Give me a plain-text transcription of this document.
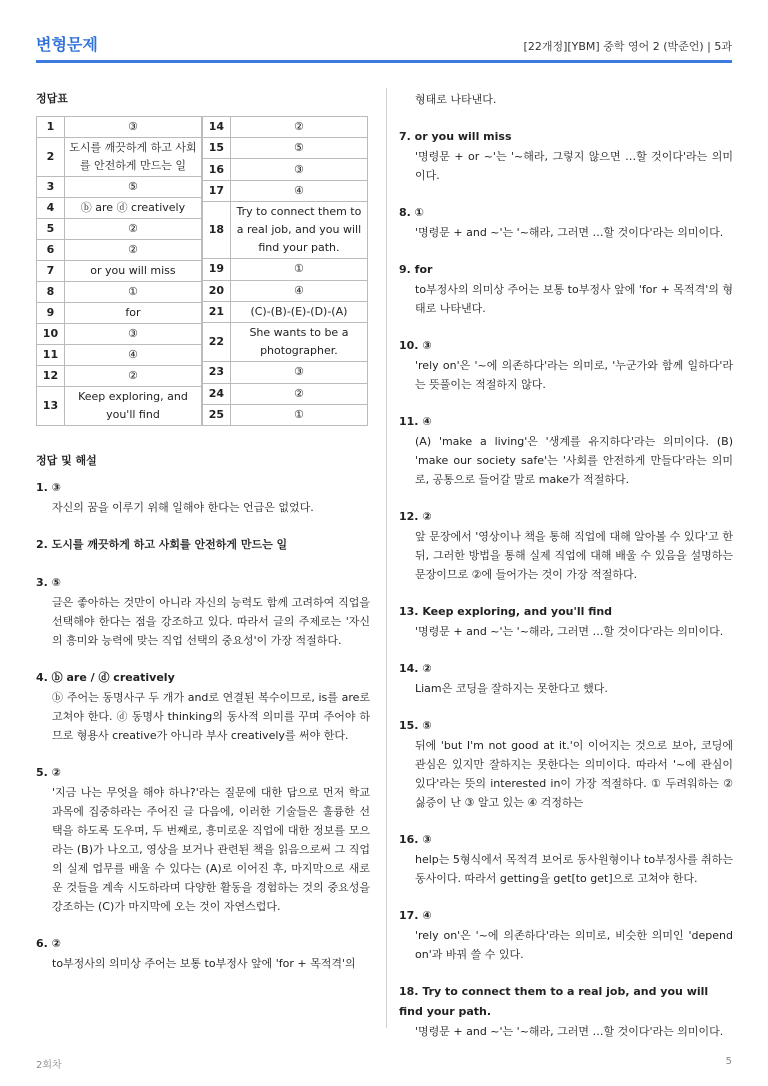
변형문제	[22개정][YBM] 중학 영어 2 (박준언) | 5과
정답표
1	③
2	도시를 깨끗하게 하고 사회를 안전하게 만드는 일
3	⑤
4	ⓑ are ⓓ creatively
5	②
6	②
7	or you will miss
8	①
9	for
10	③
11	④
12	②
13	Keep exploring, and you'll find
14	②
15	⑤
16	③
17	④
18	Try to connect them to a real job, and you will find your path.
19	①
20	④
21	(C)-(B)-(E)-(D)-(A)
22	She wants to be a photographer.
23	③
24	②
25	①
정답 및 해설
1. ③
자신의 꿈을 이루기 위해 일해야 한다는 언급은 없었다.
2. 도시를 깨끗하게 하고 사회를 안전하게 만드는 일
3. ⑤
글은 좋아하는 것만이 아니라 자신의 능력도 함께 고려하여 직업을 선택해야 한다는 점을 강조하고 있다. 따라서 글의 주제로는 '자신의 흥미와 능력에 맞는 직업 선택의 중요성'이 가장 적절하다.
4. ⓑ are / ⓓ creatively
ⓑ 주어는 동명사구 두 개가 and로 연결된 복수이므로, is를 are로 고쳐야 한다. ⓓ 동명사 thinking의 동사적 의미를 꾸며 주어야 하므로 형용사 creative가 아니라 부사 creatively를 써야 한다.
5. ②
'지금 나는 무엇을 해야 하나?'라는 질문에 대한 답으로 먼저 학교 과목에 집중하라는 주어진 글 다음에, 이러한 기술들은 훌륭한 선택을 하도록 도우며, 두 번째로, 흥미로운 직업에 대한 정보를 모으라는 (B)가 나오고, 영상을 보거나 관련된 책을 읽음으로써 그 직업의 실제 업무를 배울 수 있다는 (A)로 이어진 후, 마지막으로 새로운 것들을 계속 시도하라며 다양한 활동을 경험하는 것의 중요성을 강조하는 (C)가 마지막에 오는 것이 자연스럽다.
6. ②
to부정사의 의미상 주어는 보통 to부정사 앞에 'for + 목적격'의
형태로 나타낸다.
7. or you will miss
'명령문 + or ~'는 '~해라, 그렇지 않으면 …할 것이다'라는 의미이다.
8. ①
'명령문 + and ~'는 '~해라, 그러면 …할 것이다'라는 의미이다.
9. for
to부정사의 의미상 주어는 보통 to부정사 앞에 'for + 목적격'의 형태로 나타낸다.
10. ③
'rely on'은 '~에 의존하다'라는 의미로, '누군가와 함께 일하다'라는 뜻풀이는 적절하지 않다.
11. ④
(A) 'make a living'은 '생계를 유지하다'라는 의미이다. (B) 'make our society safe'는 '사회를 안전하게 만들다'라는 의미로, 공통으로 들어갈 말로 make가 적절하다.
12. ②
앞 문장에서 '영상이나 책을 통해 직업에 대해 알아볼 수 있다'고 한 뒤, 그러한 방법을 통해 실제 직업에 대해 배울 수 있음을 설명하는 문장이므로 ②에 들어가는 것이 가장 적절하다.
13. Keep exploring, and you'll find
'명령문 + and ~'는 '~해라, 그러면 …할 것이다'라는 의미이다.
14. ②
Liam은 코딩을 잘하지는 못한다고 했다.
15. ⑤
뒤에 'but I'm not good at it.'이 이어지는 것으로 보아, 코딩에 관심은 있지만 잘하지는 못한다는 의미이다. 따라서 '~에 관심이 있다'라는 뜻의 interested in이 가장 적절하다. ① 두려워하는 ② 싫증이 난 ③ 알고 있는 ④ 걱정하는
16. ③
help는 5형식에서 목적격 보어로 동사원형이나 to부정사를 취하는 동사이다. 따라서 getting을 get[to get]으로 고쳐야 한다.
17. ④
'rely on'은 '~에 의존하다'라는 의미로, 비슷한 의미인 'depend on'과 바꿔 쓸 수 있다.
18. Try to connect them to a real job, and you will find your path.
'명령문 + and ~'는 '~해라, 그러면 …할 것이다'라는 의미이다.
2회차	5
